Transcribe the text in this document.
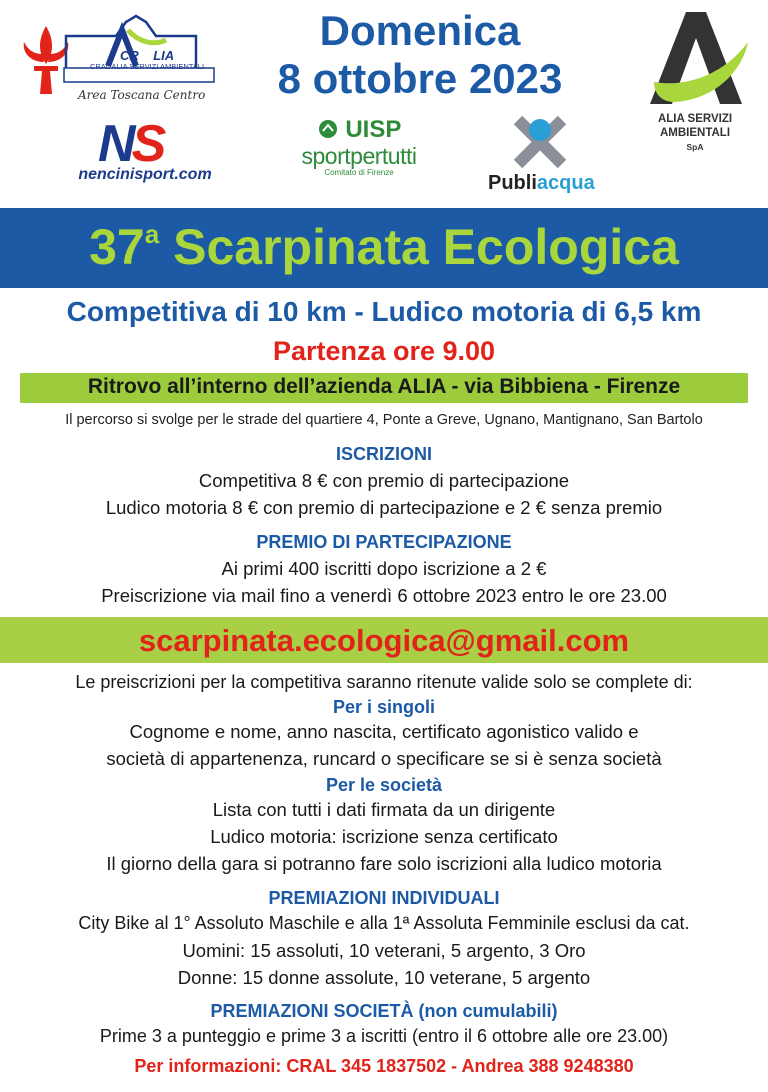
CR LIA
CRAL ALIA SERVIZI AMBIENTALI
Area Toscana Centro
Domenica
8 ottobre 2023
ALIA SERVIZI
AMBIENTALI
SpA
NS
nencinisport.com
UISP
sportpertutti
Comitato di Firenze	Publiacqua
37$^a$ Scarpinata Ecologica
Competitiva di 10 km - Ludico motoria di 6,5 km
Partenza ore 9.00
Ritrovo all’interno dell’azienda ALIA - via Bibbiena - Firenze
Il percorso si svolge per le strade del quartiere 4, Ponte a Greve, Ugnano, Mantignano, San Bartolo
ISCRIZIONI
Competitiva 8 € con premio di partecipazione
Ludico motoria 8 € con premio di partecipazione e 2 € senza premio
PREMIO DI PARTECIPAZIONE
Ai primi 400 iscritti dopo iscrizione a 2 €
Preiscrizione via mail fino a venerdì 6 ottobre 2023 entro le ore 23.00
scarpinata.ecologica@gmail.com
Le preiscrizioni per la competitiva saranno ritenute valide solo se complete di:
Per i singoli
Cognome e nome, anno nascita, certificato agonistico valido e
società di appartenenza, runcard o specificare se si è senza società
Per le società
Lista con tutti i dati firmata da un dirigente
Ludico motoria: iscrizione senza certificato
Il giorno della gara si potranno fare solo iscrizioni alla ludico motoria
PREMIAZIONI INDIVIDUALI
City Bike al 1° Assoluto Maschile e alla 1ª Assoluta Femminile esclusi da cat.
Uomini: 15 assoluti, 10 veterani, 5 argento, 3 Oro
Donne: 15 donne assolute, 10 veterane, 5 argento
PREMIAZIONI SOCIETÀ (non cumulabili)
Prime 3 a punteggio e prime 3 a iscritti (entro il 6 ottobre alle ore 23.00)
Per informazioni: CRAL 345 1837502 - Andrea 388 9248380
